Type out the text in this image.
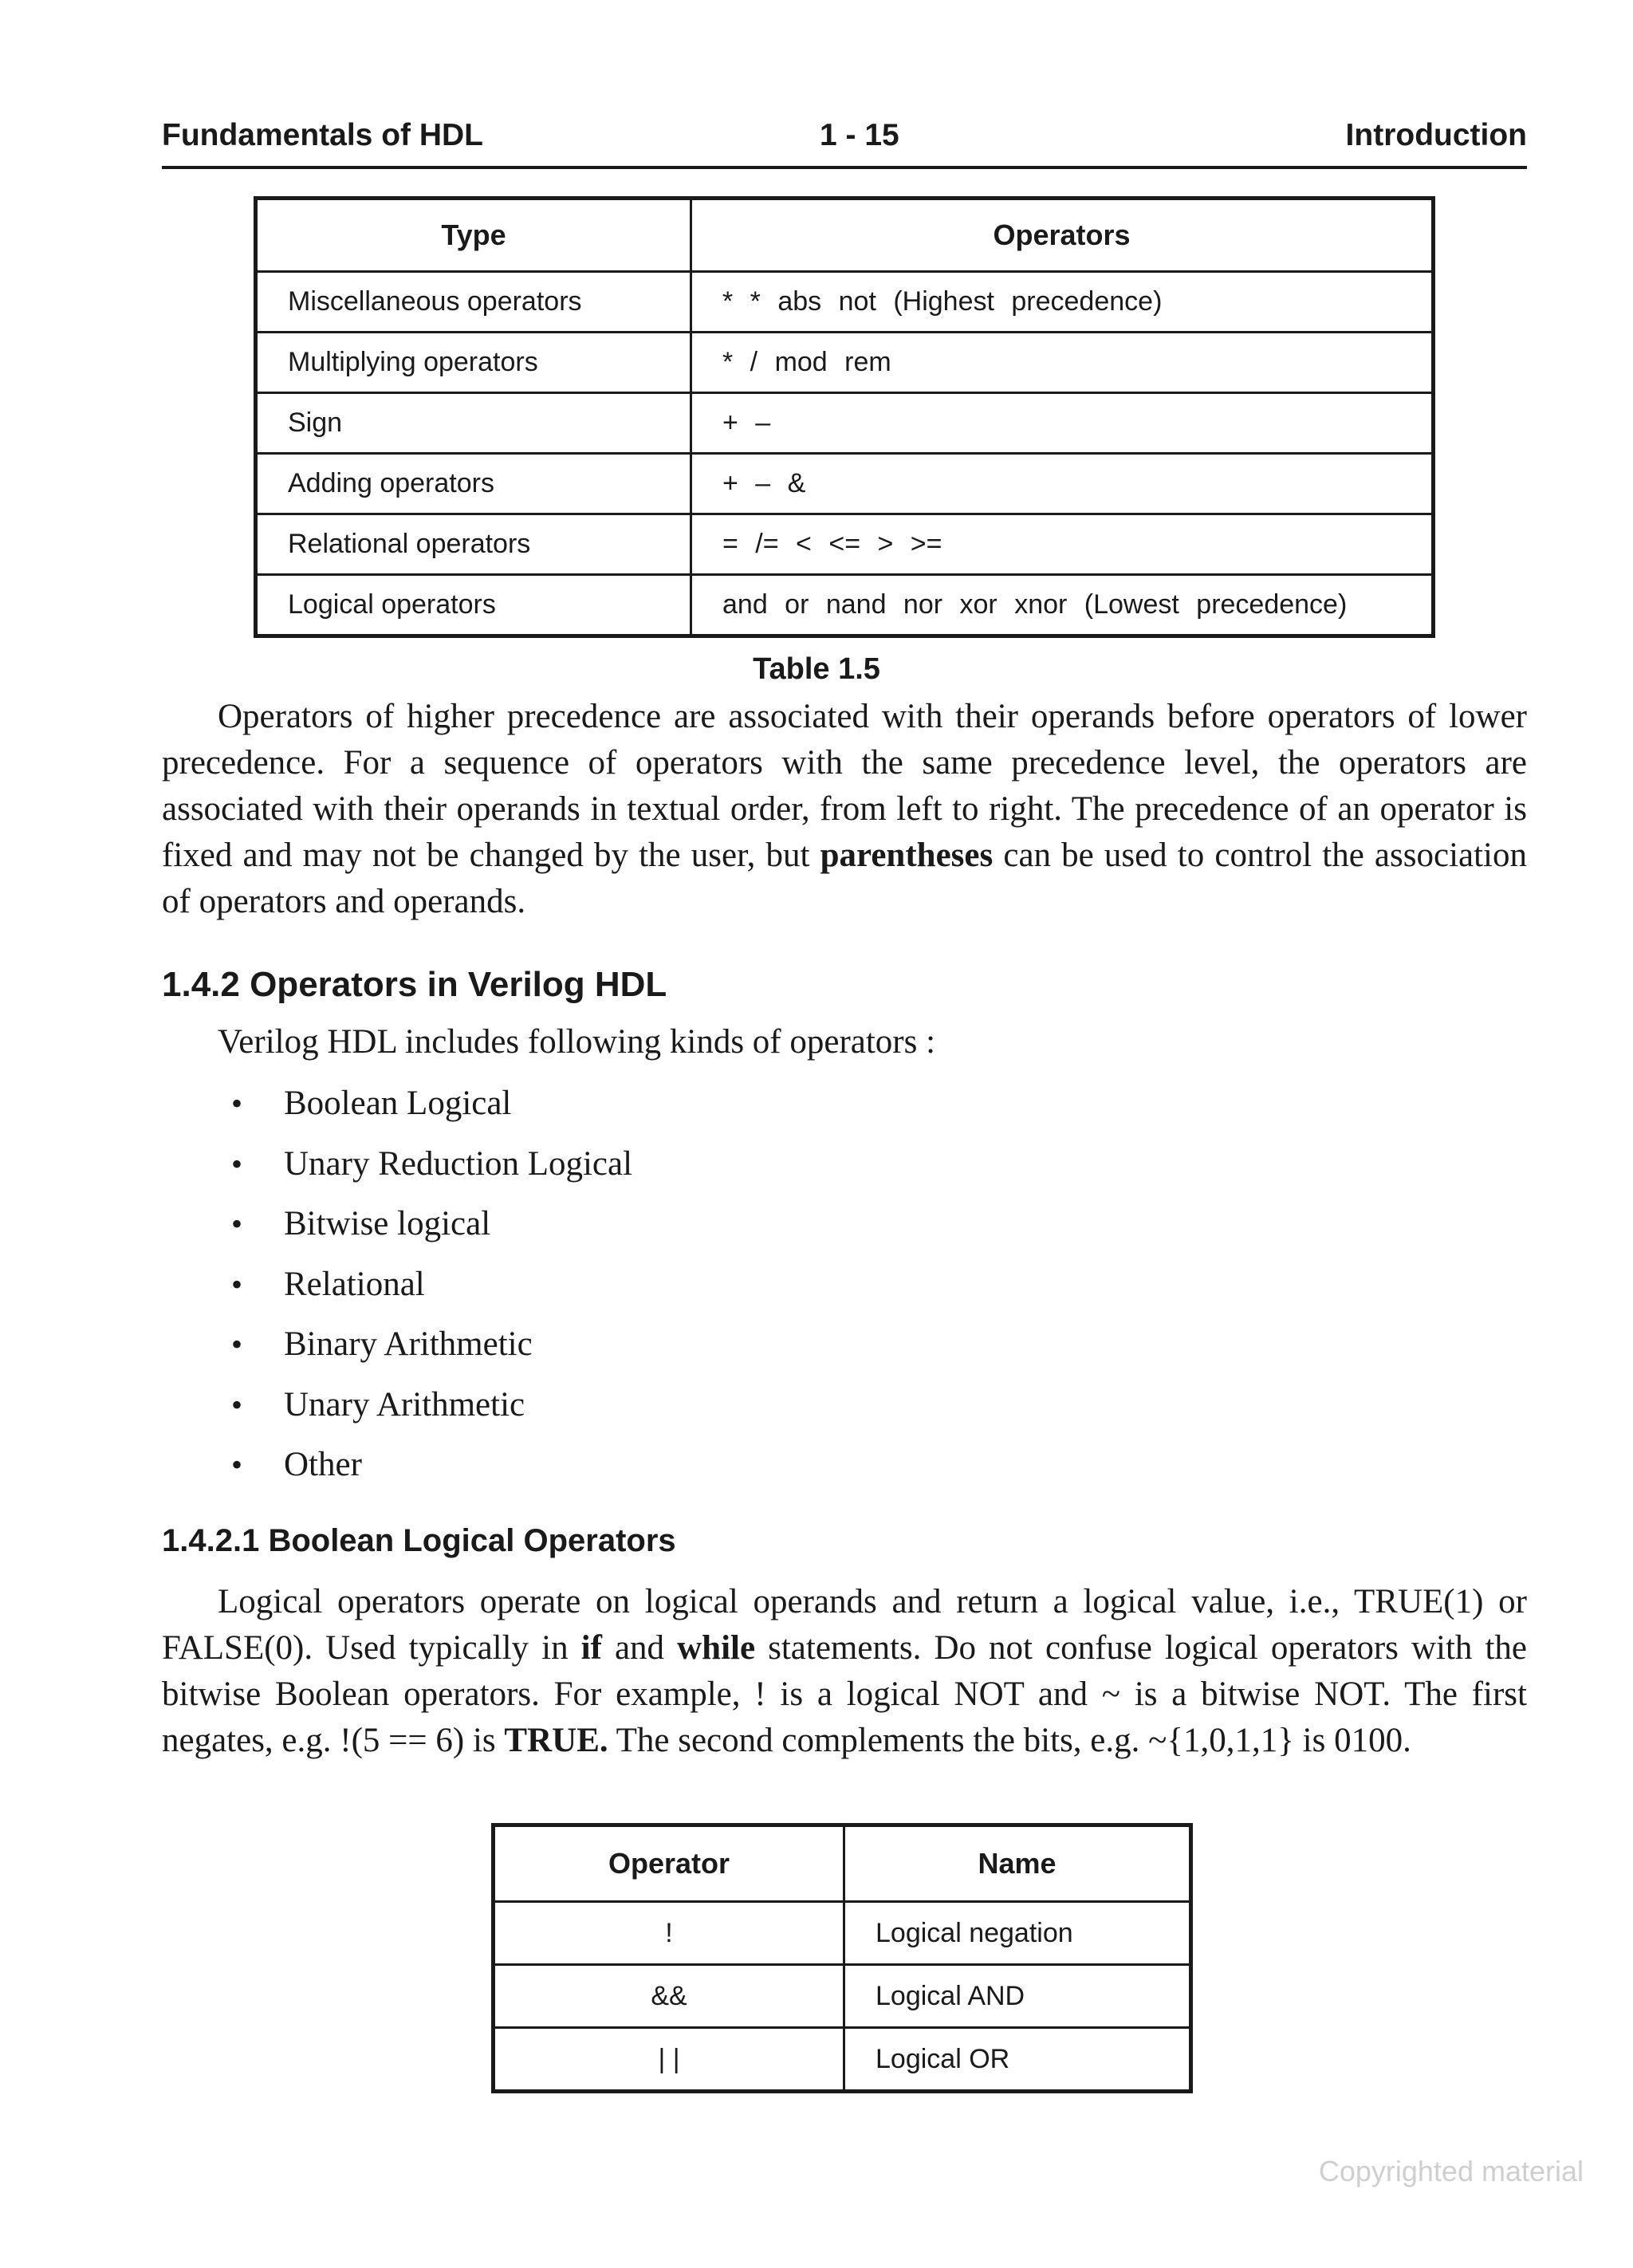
Fundamentals of HDL	1 - 15	Introduction
Type	Operators
Miscellaneous operators	* * abs not (Highest precedence)
Multiplying operators	* / mod rem
Sign	+ –
Adding operators	+ – &
Relational operators	= /= < <= > >=
Logical operators	and or nand nor xor xnor (Lowest precedence)
Table 1.5

Operators of higher precedence are associated with their operands before operators of lower precedence. For a sequence of operators with the same precedence level, the operators are associated with their operands in textual order, from left to right. The precedence of an operator is fixed and may not be changed by the user, but parentheses can be used to control the association of operators and operands.

1.4.2 Operators in Verilog HDL
Verilog HDL includes following kinds of operators :
• Boolean Logical
• Unary Reduction Logical
• Bitwise logical
• Relational
• Binary Arithmetic
• Unary Arithmetic
• Other
1.4.2.1 Boolean Logical Operators

Logical operators operate on logical operands and return a logical value, i.e., TRUE(1) or FALSE(0). Used typically in if and while statements. Do not confuse logical operators with the bitwise Boolean operators. For example, ! is a logical NOT and ~ is a bitwise NOT. The first negates, e.g. !(5 == 6) is TRUE. The second complements the bits, e.g. ~{1,0,1,1} is 0100.

Operator	Name
!	Logical negation
&&	Logical AND
| |	Logical OR
Copyrighted material
